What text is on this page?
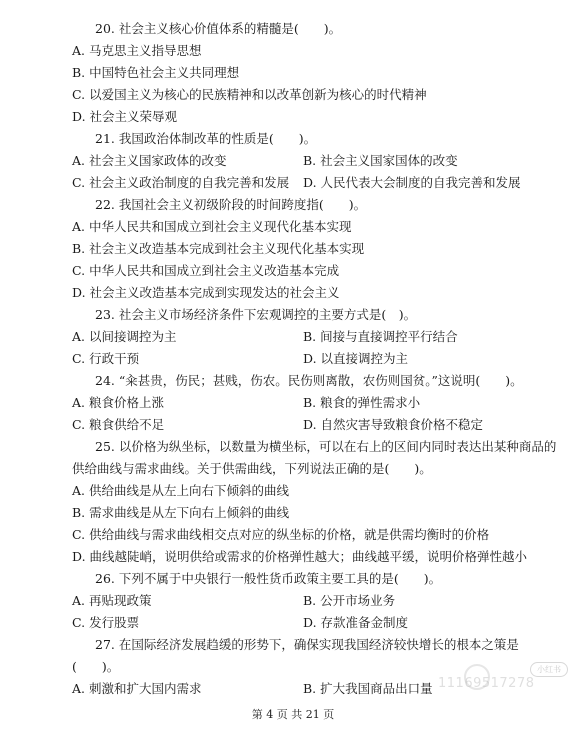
20. 社会主义核心价值体系的精髓是(　　)。
A. 马克思主义指导思想
B. 中国特色社会主义共同理想
C. 以爱国主义为核心的民族精神和以改革创新为核心的时代精神
D. 社会主义荣辱观
21. 我国政治体制改革的性质是(　　)。
A. 社会主义国家政体的改变	B. 社会主义国家国体的改变
C. 社会主义政治制度的自我完善和发展 D. 人民代表大会制度的自我完善和发展
22. 我国社会主义初级阶段的时间跨度指(　　)。
A. 中华人民共和国成立到社会主义现代化基本实现
B. 社会主义改造基本完成到社会主义现代化基本实现
C. 中华人民共和国成立到社会主义改造基本完成
D. 社会主义改造基本完成到实现发达的社会主义
23. 社会主义市场经济条件下宏观调控的主要方式是(　)。
A. 以间接调控为主	B. 间接与直接调控平行结合
C. 行政干预	D. 以直接调控为主
24. “籴甚贵，伤民；甚贱，伤农。民伤则离散，农伤则国贫。”这说明(　　)。
A. 粮食价格上涨	B. 粮食的弹性需求小
C. 粮食供给不足	D. 自然灾害导致粮食价格不稳定
25. 以价格为纵坐标，以数量为横坐标，可以在右上的区间内同时表达出某种商品的
供给曲线与需求曲线。关于供需曲线，下列说法正确的是(　　)。
A. 供给曲线是从左上向右下倾斜的曲线
B. 需求曲线是从左下向右上倾斜的曲线
C. 供给曲线与需求曲线相交点对应的纵坐标的价格，就是供需均衡时的价格
D. 曲线越陡峭，说明供给或需求的价格弹性越大；曲线越平缓，说明价格弹性越小
26. 下列不属于中央银行一般性货币政策主要工具的是(　　)。
A. 再贴现政策	B. 公开市场业务
C. 发行股票	D. 存款准备金制度
27. 在国际经济发展趋缓的形势下，确保实现我国经济较快增长的根本之策是
(　　)。
A. 刺激和扩大国内需求	B. 扩大我国商品出口量
第 4 页 共 21 页
小红书
11169517278
